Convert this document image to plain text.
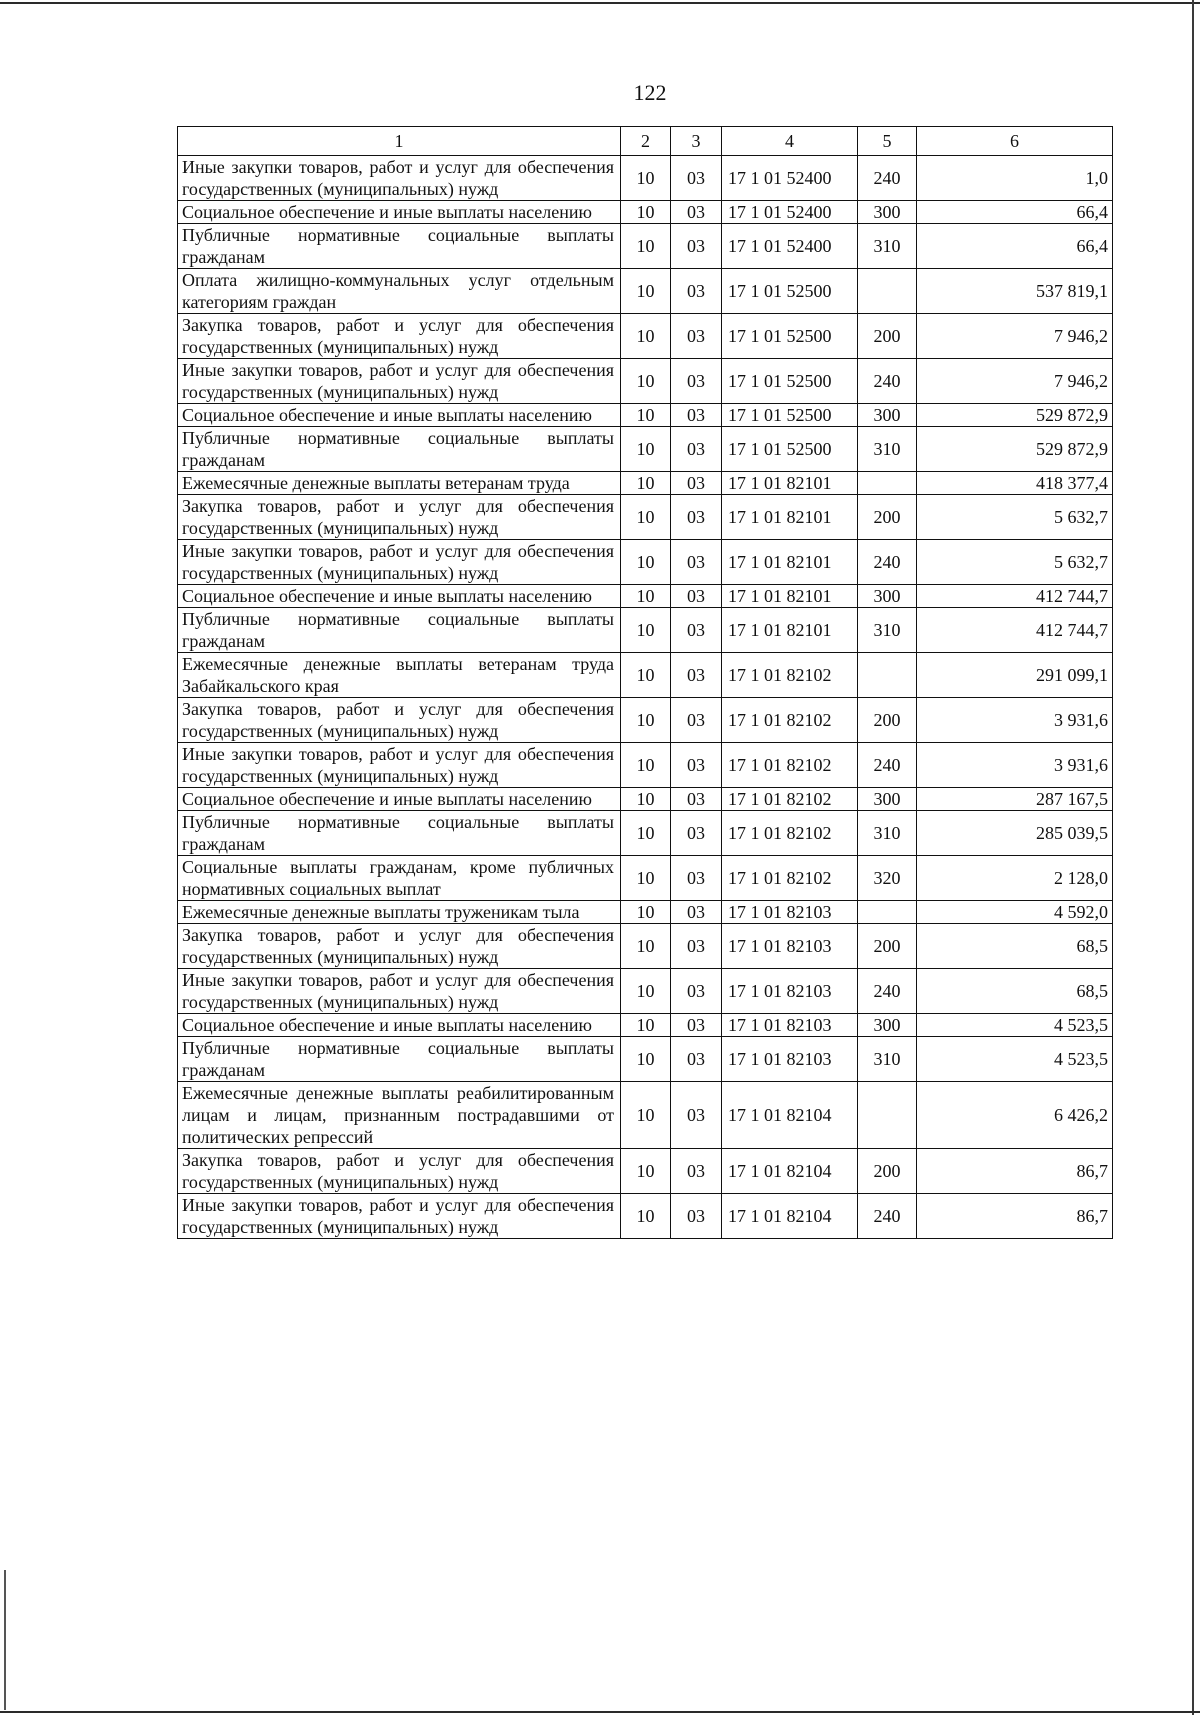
122
1	2	3	4	5	6
Иные закупки товаров, работ и услуг для обеспечения государственных (муниципальных) нужд	10	03	17 1 01 52400	240	1,0
Социальное обеспечение и иные выплаты населению	10	03	17 1 01 52400	300	66,4
Публичные нормативные социальные выплаты гражданам	10	03	17 1 01 52400	310	66,4
Оплата жилищно-коммунальных услуг отдельным категориям граждан	10	03	17 1 01 52500		537 819,1
Закупка товаров, работ и услуг для обеспечения государственных (муниципальных) нужд	10	03	17 1 01 52500	200	7 946,2
Иные закупки товаров, работ и услуг для обеспечения государственных (муниципальных) нужд	10	03	17 1 01 52500	240	7 946,2
Социальное обеспечение и иные выплаты населению	10	03	17 1 01 52500	300	529 872,9
Публичные нормативные социальные выплаты гражданам	10	03	17 1 01 52500	310	529 872,9
Ежемесячные денежные выплаты ветеранам труда	10	03	17 1 01 82101		418 377,4
Закупка товаров, работ и услуг для обеспечения государственных (муниципальных) нужд	10	03	17 1 01 82101	200	5 632,7
Иные закупки товаров, работ и услуг для обеспечения государственных (муниципальных) нужд	10	03	17 1 01 82101	240	5 632,7
Социальное обеспечение и иные выплаты населению	10	03	17 1 01 82101	300	412 744,7
Публичные нормативные социальные выплаты гражданам	10	03	17 1 01 82101	310	412 744,7
Ежемесячные денежные выплаты ветеранам труда Забайкальского края	10	03	17 1 01 82102		291 099,1
Закупка товаров, работ и услуг для обеспечения государственных (муниципальных) нужд	10	03	17 1 01 82102	200	3 931,6
Иные закупки товаров, работ и услуг для обеспечения государственных (муниципальных) нужд	10	03	17 1 01 82102	240	3 931,6
Социальное обеспечение и иные выплаты населению	10	03	17 1 01 82102	300	287 167,5
Публичные нормативные социальные выплаты гражданам	10	03	17 1 01 82102	310	285 039,5
Социальные выплаты гражданам, кроме публичных нормативных социальных выплат	10	03	17 1 01 82102	320	2 128,0
Ежемесячные денежные выплаты труженикам тыла	10	03	17 1 01 82103		4 592,0
Закупка товаров, работ и услуг для обеспечения государственных (муниципальных) нужд	10	03	17 1 01 82103	200	68,5
Иные закупки товаров, работ и услуг для обеспечения государственных (муниципальных) нужд	10	03	17 1 01 82103	240	68,5
Социальное обеспечение и иные выплаты населению	10	03	17 1 01 82103	300	4 523,5
Публичные нормативные социальные выплаты гражданам	10	03	17 1 01 82103	310	4 523,5
Ежемесячные денежные выплаты реабилитированным лицам и лицам, признанным пострадавшими от политических репрессий	10	03	17 1 01 82104		6 426,2
Закупка товаров, работ и услуг для обеспечения государственных (муниципальных) нужд	10	03	17 1 01 82104	200	86,7
Иные закупки товаров, работ и услуг для обеспечения государственных (муниципальных) нужд	10	03	17 1 01 82104	240	86,7
